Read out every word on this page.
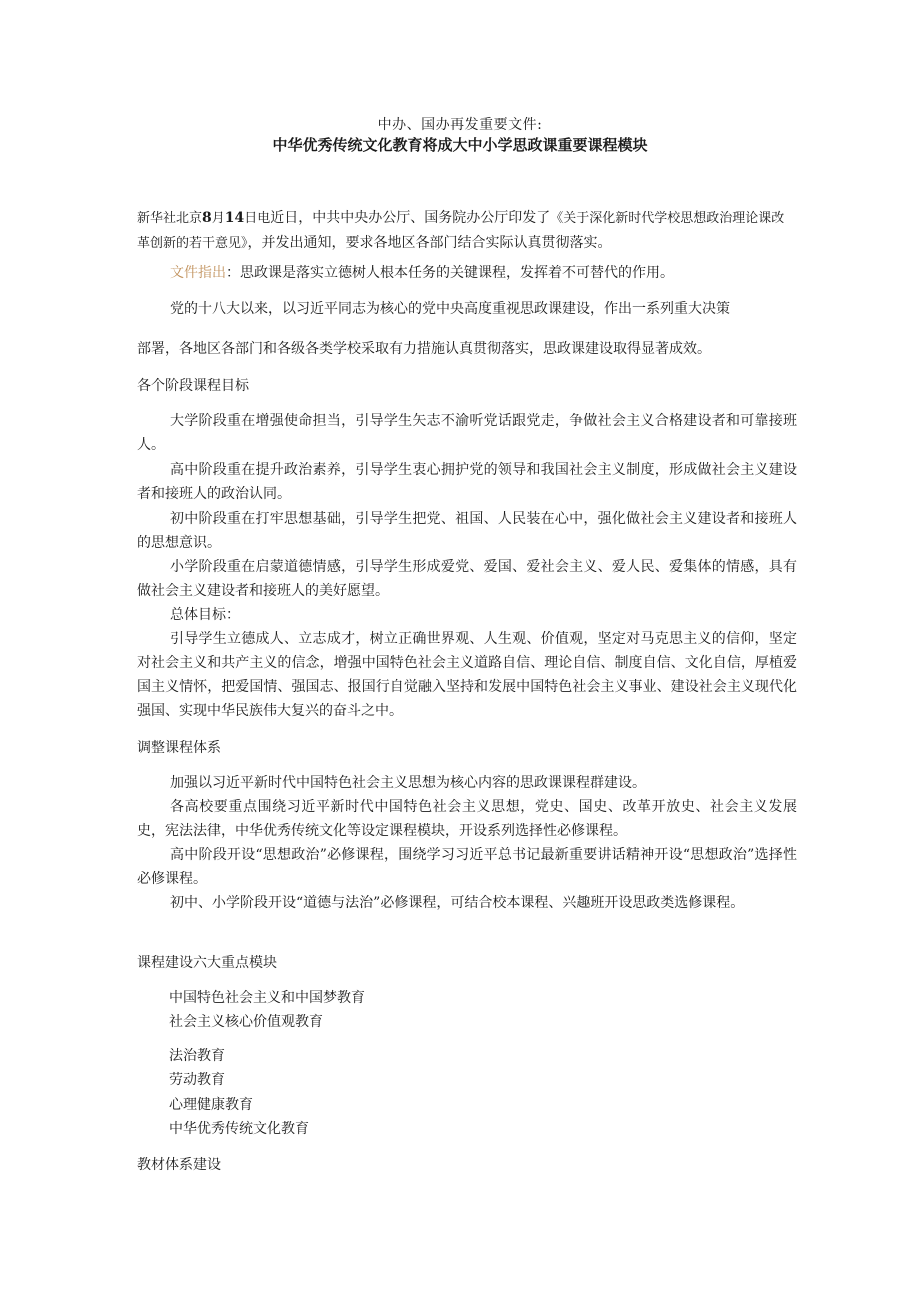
中办、国办再发重要文件:
中华优秀传统文化教育将成大中小学思政课重要课程模块
新华社北京8月14日电近日，中共中央办公厅、国务院办公厅印发了《关于深化新时代学校思想政治理论课改革创新的若干意见》，并发出通知，要求各地区各部门结合实际认真贯彻落实。
文件指出：思政课是落实立德树人根本任务的关键课程，发挥着不可替代的作用。
党的十八大以来，以习近平同志为核心的党中央高度重视思政课建设，作出一系列重大决策
部署，各地区各部门和各级各类学校采取有力措施认真贯彻落实，思政课建设取得显著成效。
各个阶段课程目标
大学阶段重在增强使命担当，引导学生矢志不渝听党话跟党走，争做社会主义合格建设者和可靠接班人。
高中阶段重在提升政治素养，引导学生衷心拥护党的领导和我国社会主义制度，形成做社会主义建设者和接班人的政治认同。
初中阶段重在打牢思想基础，引导学生把党、祖国、人民装在心中，强化做社会主义建设者和接班人的思想意识。
小学阶段重在启蒙道德情感，引导学生形成爱党、爱国、爱社会主义、爱人民、爱集体的情感，具有做社会主义建设者和接班人的美好愿望。
总体目标：
引导学生立德成人、立志成才，树立正确世界观、人生观、价值观，坚定对马克思主义的信仰，坚定对社会主义和共产主义的信念，增强中国特色社会主义道路自信、理论自信、制度自信、文化自信，厚植爱国主义情怀，把爱国情、强国志、报国行自觉融入坚持和发展中国特色社会主义事业、建设社会主义现代化强国、实现中华民族伟大复兴的奋斗之中。
调整课程体系
加强以习近平新时代中国特色社会主义思想为核心内容的思政课课程群建设。
各高校要重点围绕习近平新时代中国特色社会主义思想，党史、国史、改革开放史、社会主义发展史，宪法法律，中华优秀传统文化等设定课程模块，开设系列选择性必修课程。
高中阶段开设“思想政治”必修课程，围绕学习习近平总书记最新重要讲话精神开设“思想政治”选择性必修课程。
初中、小学阶段开设“道德与法治”必修课程，可结合校本课程、兴趣班开设思政类选修课程。
课程建设六大重点模块
中国特色社会主义和中国梦教育
社会主义核心价值观教育
法治教育
劳动教育
心理健康教育
中华优秀传统文化教育
教材体系建设
